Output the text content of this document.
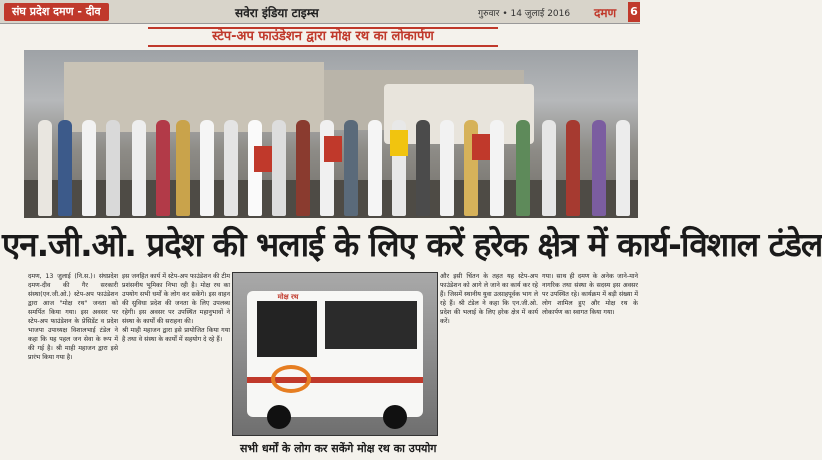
संघ प्रदेश दमण - दीव	सवेरा इंडिया टाइम्स	गुरुवार • 14 जुलाई 2016 दमण 6
स्टेप-अप फाउंडेशन द्वारा मोक्ष रथ का लोकार्पण
एन.जी.ओ. प्रदेश की भलाई के लिए करें हरेक क्षेत्र में कार्य-विशाल टंडेल
दमण, 13 जुलाई (नि.स.)। संघप्रदेश दमण-दीव की गैर सरकारी संस्था(एन.जी.ओ.) स्टेप-अप फाउंडेशन द्वारा आज "मोक्ष रथ" जनता को समर्पित किया गया। इस अवसर पर स्टेप-अप फाउंडेशन के प्रेसिडेंट व प्रदेश भाजपा उपाध्यक्ष विशालभाई टंडेल ने कहा कि यह पहल जन सेवा के रूप में की गई है। श्री माही महाजन द्वारा इसे प्रारंभ किया गया है।

इस जनहित कार्य में स्टेप-अप फाउंडेशन की टीम प्रशंसनीय भूमिका निभा रही है। मोक्ष रथ का उपयोग सभी धर्मों के लोग कर सकेंगे। इस वाहन की सुविधा प्रदेश की जनता के लिए उपलब्ध रहेगी। इस अवसर पर उपस्थित महानुभावों ने संस्था के कार्यों की सराहना की।

श्री माही महाजन द्वारा इसे प्रायोजित किया गया है तथा वे संस्था के कार्यों में सहयोग दे रहे हैं।

और इसी चिंतन के तहत यह स्टेप-अप फाउंडेशन को आगे ले जाने का कार्य कर रहे हैं। जिसमें स्थानीय युवा उत्साहपूर्वक भाग ले रहे हैं। श्री टंडेल ने कहा कि एन.जी.ओ. प्रदेश की भलाई के लिए हरेक क्षेत्र में कार्य करें।
गया। साथ ही दमण के अनेक जाने-माने नागरिक तथा संस्था के सदस्य इस अवसर पर उपस्थित रहे। कार्यक्रम में बड़ी संख्या में लोग शामिल हुए और मोक्ष रथ के लोकार्पण का स्वागत किया गया।
मोक्ष रथ
सभी धर्मों के लोग कर सकेंगे मोक्ष रथ का उपयोग
